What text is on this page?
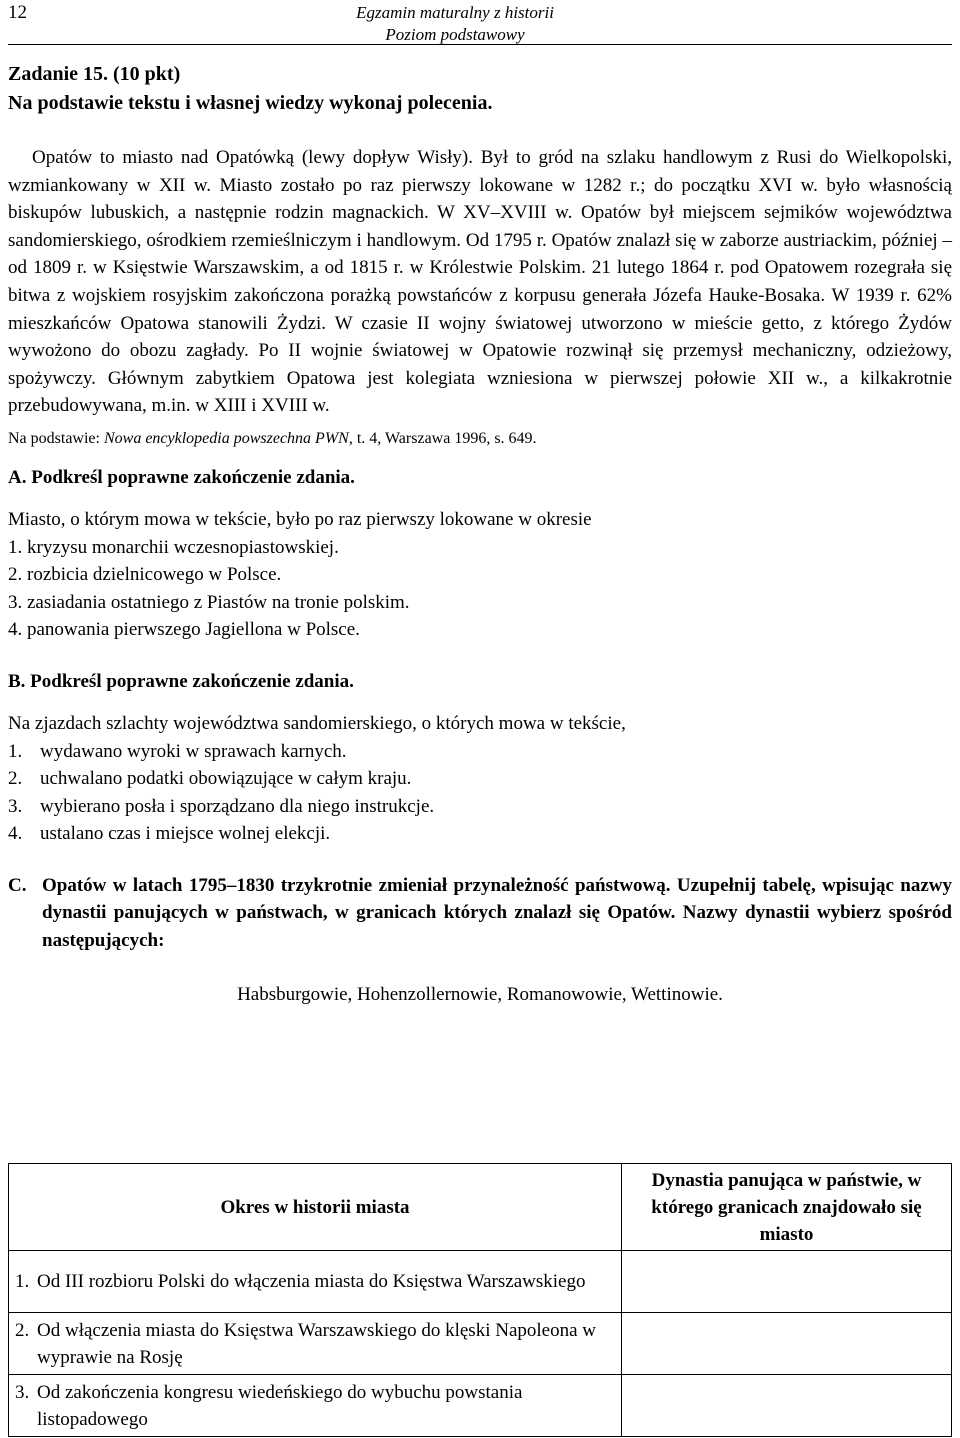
12	Egzamin maturalny z historii
Poziom podstawowy

Zadanie 15. (10 pkt)

Na podstawie tekstu i własnej wiedzy wykonaj polecenia.

Opatów to miasto nad Opatówką (lewy dopływ Wisły). Był to gród na szlaku handlowym z Rusi do Wielkopolski, wzmiankowany w XII w. Miasto zostało po raz pierwszy lokowane w 1282 r.; do początku XVI w. było własnością biskupów lubuskich, a następnie rodzin magnackich. W XV–XVIII w. Opatów był miejscem sejmików województwa sandomierskiego, ośrodkiem rzemieślniczym i handlowym. Od 1795 r. Opatów znalazł się w zaborze austriackim, później – od 1809 r. w Księstwie Warszawskim, a od 1815 r. w Królestwie Polskim. 21 lutego 1864 r. pod Opatowem rozegrała się bitwa z wojskiem rosyjskim zakończona porażką powstańców z korpusu generała Józefa Hauke-Bosaka. W 1939 r. 62% mieszkańców Opatowa stanowili Żydzi. W czasie II wojny światowej utworzono w mieście getto, z którego Żydów wywożono do obozu zagłady. Po II wojnie światowej w Opatowie rozwinął się przemysł mechaniczny, odzieżowy, spożywczy. Głównym zabytkiem Opatowa jest kolegiata wzniesiona w pierwszej połowie XII w., a kilkakrotnie przebudowywana, m.in. w XIII i XVIII w.

Na podstawie: Nowa encyklopedia powszechna PWN, t. 4, Warszawa 1996, s. 649.

A. Podkreśl poprawne zakończenie zdania.

Miasto, o którym mowa w tekście, było po raz pierwszy lokowane w okresie

1. kryzysu monarchii wczesnopiastowskiej.

2. rozbicia dzielnicowego w Polsce.

3. zasiadania ostatniego z Piastów na tronie polskim.

4. panowania pierwszego Jagiellona w Polsce.

B. Podkreśl poprawne zakończenie zdania.

Na zjazdach szlachty województwa sandomierskiego, o których mowa w tekście,

1. wydawano wyroki w sprawach karnych.
2. uchwalano podatki obowiązujące w całym kraju.
3. wybierano posła i sporządzano dla niego instrukcje.
4. ustalano czas i miejsce wolnej elekcji.
C. Opatów w latach 1795–1830 trzykrotnie zmieniał przynależność państwową. Uzupełnij tabelę, wpisując nazwy dynastii panujących w państwach, w granicach których znalazł się Opatów. Nazwy dynastii wybierz spośród następujących:

Habsburgowie, Hohenzollernowie, Romanowowie, Wettinowie.

Okres w historii miasta	Dynastia panująca w państwie, w którego granicach znajdowało się miasto

1. Od III rozbioru Polski do włączenia miasta do Księstwa Warszawskiego	

2. Od włączenia miasta do Księstwa Warszawskiego do klęski Napoleona w wyprawie na Rosję	

3. Od zakończenia kongresu wiedeńskiego do wybuchu powstania listopadowego	
